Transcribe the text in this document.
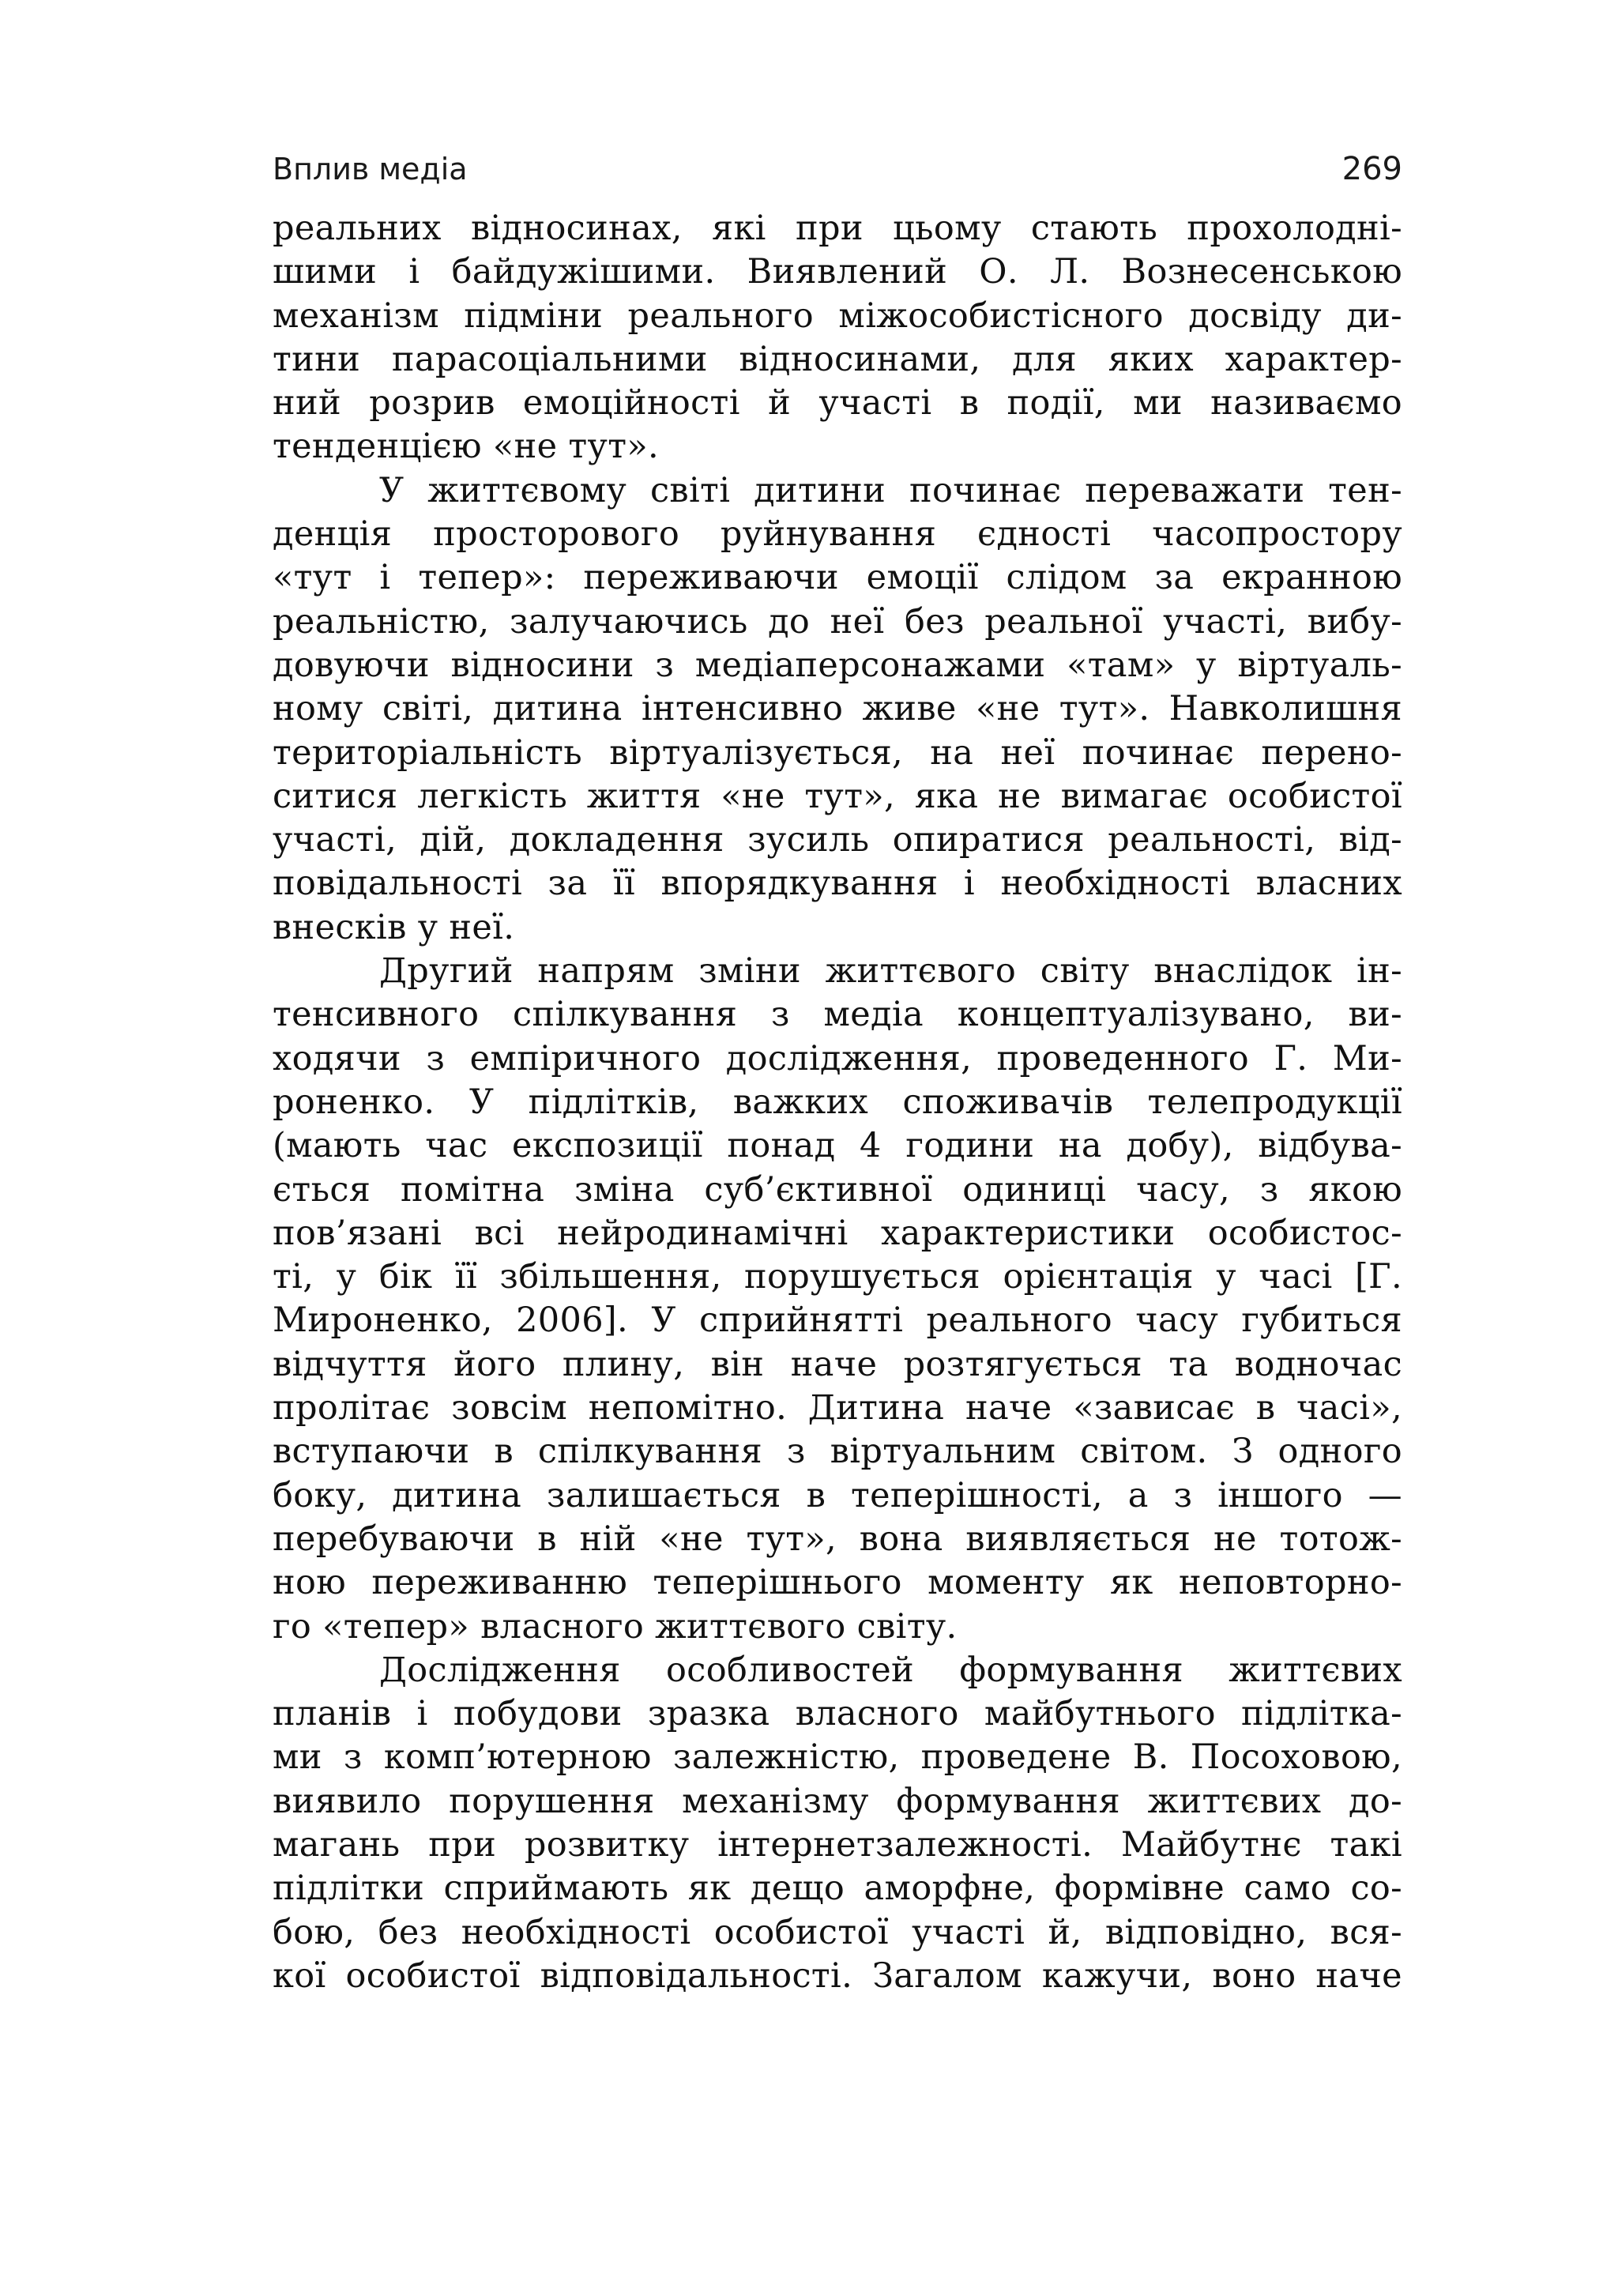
Вплив медіа	269
реальних відносинах, які при цьому стають прохолодні-
шими і байдужішими. Виявлений О. Л. Вознесенською
механізм підміни реального міжособистісного досвіду ди-
тини парасоціальними відносинами, для яких характер-
ний розрив емоційності й участі в події, ми називаємо
тенденцією «не тут».
У життєвому світі дитини починає переважати тен-
денція просторового руйнування єдності часопростору
«тут і тепер»: переживаючи емоції слідом за екранною
реальністю, залучаючись до неї без реальної участі, вибу-
довуючи відносини з медіаперсонажами «там» у віртуаль-
ному світі, дитина інтенсивно живе «не тут». Навколишня
територіальність віртуалізується, на неї починає перено-
ситися легкість життя «не тут», яка не вимагає особистої
участі, дій, докладення зусиль опиратися реальності, від-
повідальності за її впорядкування і необхідності власних
внесків у неї.
Другий напрям зміни життєвого світу внаслідок ін-
тенсивного спілкування з медіа концептуалізувано, ви-
ходячи з емпіричного дослідження, проведенного Г. Ми-
роненко. У підлітків, важких споживачів телепродукції
(мають час експозиції понад 4 години на добу), відбува-
ється помітна зміна суб’єктивної одиниці часу, з якою
пов’язані всі нейродинамічні характеристики особистос-
ті, у бік її збільшення, порушується орієнтація у часі [Г.
Мироненко, 2006]. У сприйнятті реального часу губиться
відчуття його плину, він наче розтягується та водночас
пролітає зовсім непомітно. Дитина наче «зависає в часі»,
вступаючи в спілкування з віртуальним світом. З одного
боку, дитина залишається в теперішності, а з іншого —
перебуваючи в ній «не тут», вона виявляється не тотож-
ною переживанню теперішнього моменту як неповторно-
го «тепер» власного життєвого світу.
Дослідження особливостей формування життєвих
планів і побудови зразка власного майбутнього підлітка-
ми з комп’ютерною залежністю, проведене В. Посоховою,
виявило порушення механізму формування життєвих до-
магань при розвитку інтернетзалежності. Майбутнє такі
підлітки сприймають як дещо аморфне, формівне само со-
бою, без необхідності особистої участі й, відповідно, вся-
кої особистої відповідальності. Загалом кажучи, воно наче
